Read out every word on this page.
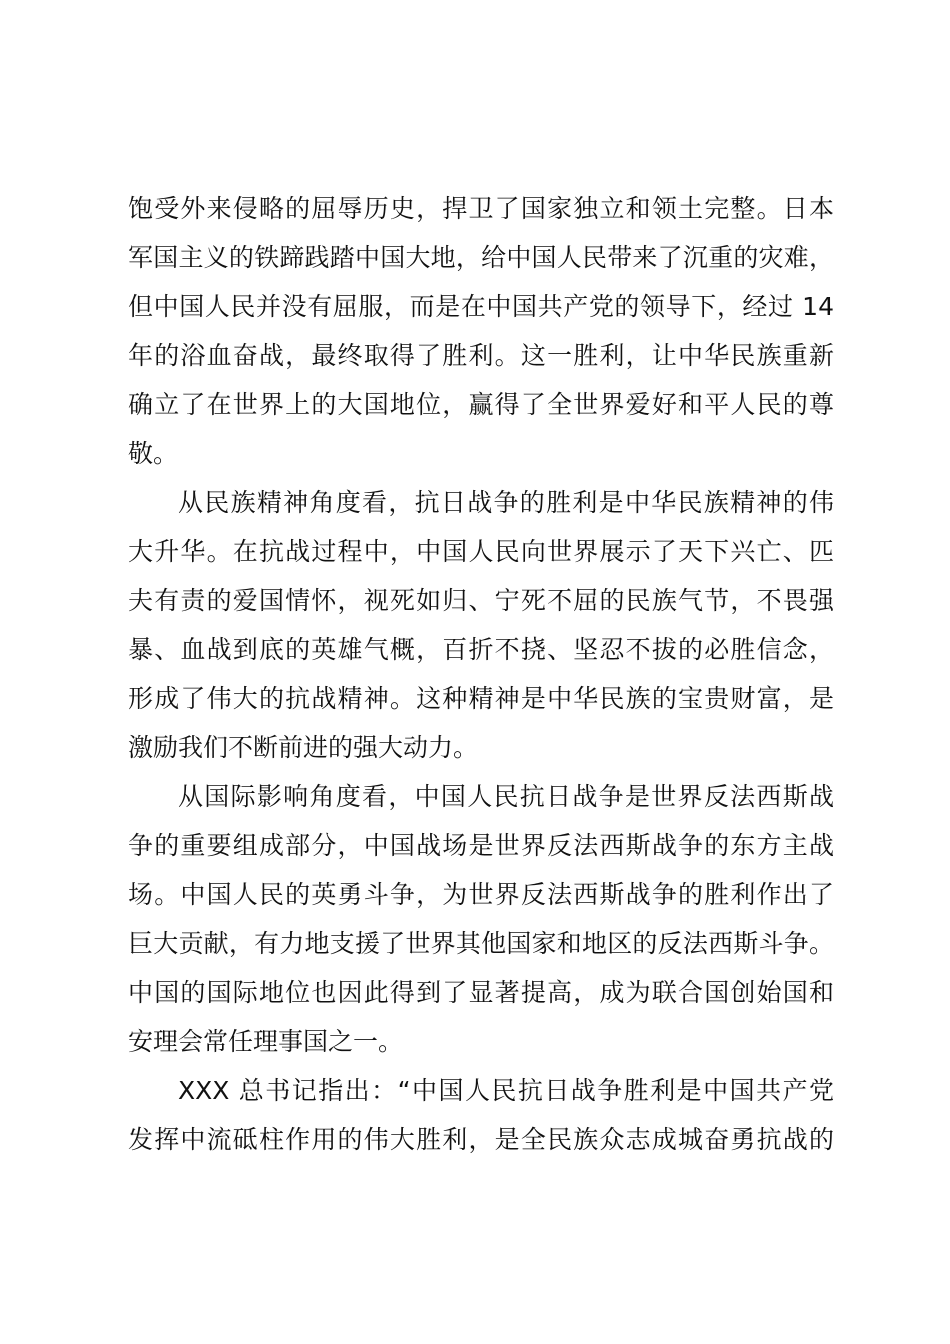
饱受外来侵略的屈辱历史，捍卫了国家独立和领土完整。日本
军国主义的铁蹄践踏中国大地，给中国人民带来了沉重的灾难，
但中国人民并没有屈服，而是在中国共产党的领导下，经过 14
年的浴血奋战，最终取得了胜利。这一胜利，让中华民族重新
确立了在世界上的大国地位，赢得了全世界爱好和平人民的尊
敬。
从民族精神角度看，抗日战争的胜利是中华民族精神的伟
大升华。在抗战过程中，中国人民向世界展示了天下兴亡、匹
夫有责的爱国情怀，视死如归、宁死不屈的民族气节，不畏强
暴、血战到底的英雄气概，百折不挠、坚忍不拔的必胜信念，
形成了伟大的抗战精神。这种精神是中华民族的宝贵财富，是
激励我们不断前进的强大动力。
从国际影响角度看，中国人民抗日战争是世界反法西斯战
争的重要组成部分，中国战场是世界反法西斯战争的东方主战
场。中国人民的英勇斗争，为世界反法西斯战争的胜利作出了
巨大贡献，有力地支援了世界其他国家和地区的反法西斯斗争。
中国的国际地位也因此得到了显著提高，成为联合国创始国和
安理会常任理事国之一。
XXX 总书记指出：“中国人民抗日战争胜利是中国共产党
发挥中流砥柱作用的伟大胜利，是全民族众志成城奋勇抗战的
